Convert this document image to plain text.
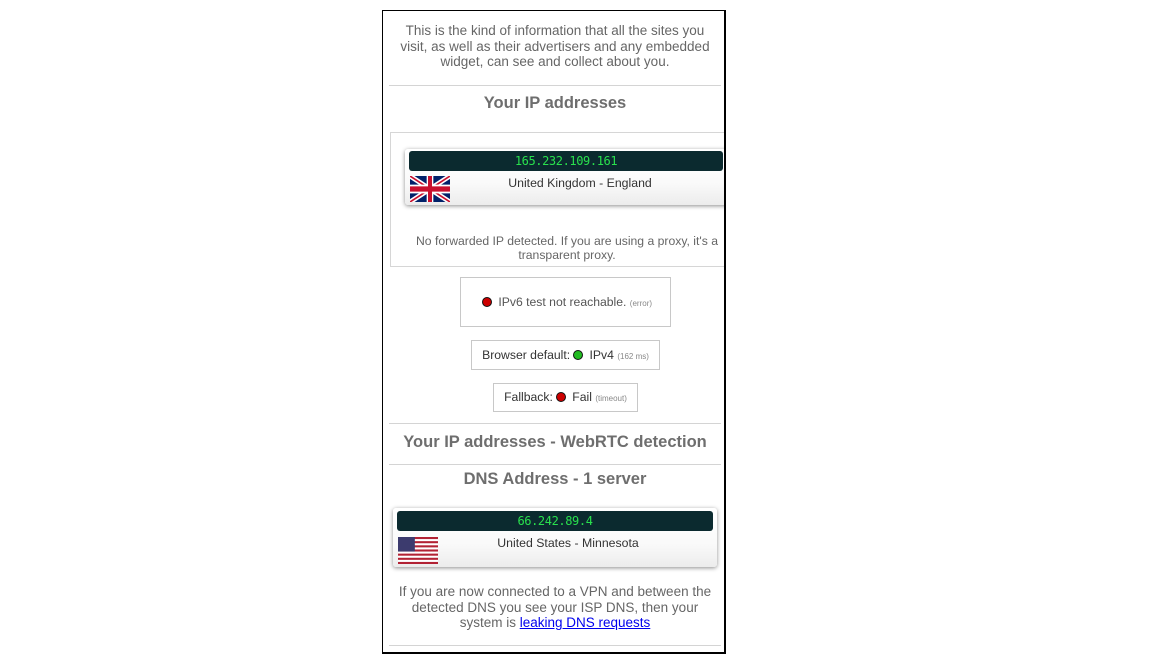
This is the kind of information that all the sites you visit, as well as their advertisers and any embedded widget, can see and collect about you.
Your IP addresses
165.232.109.161
United Kingdom - England
No forwarded IP detected. If you are using a proxy, it's a transparent proxy.
IPv6 test not reachable. (error)
Browser default: IPv4 (162 ms)
Fallback: Fail (timeout)
Your IP addresses - WebRTC detection
DNS Address - 1 server
66.242.89.4
United States - Minnesota
If you are now connected to a VPN and between the detected DNS you see your ISP DNS, then your system is leaking DNS requests
